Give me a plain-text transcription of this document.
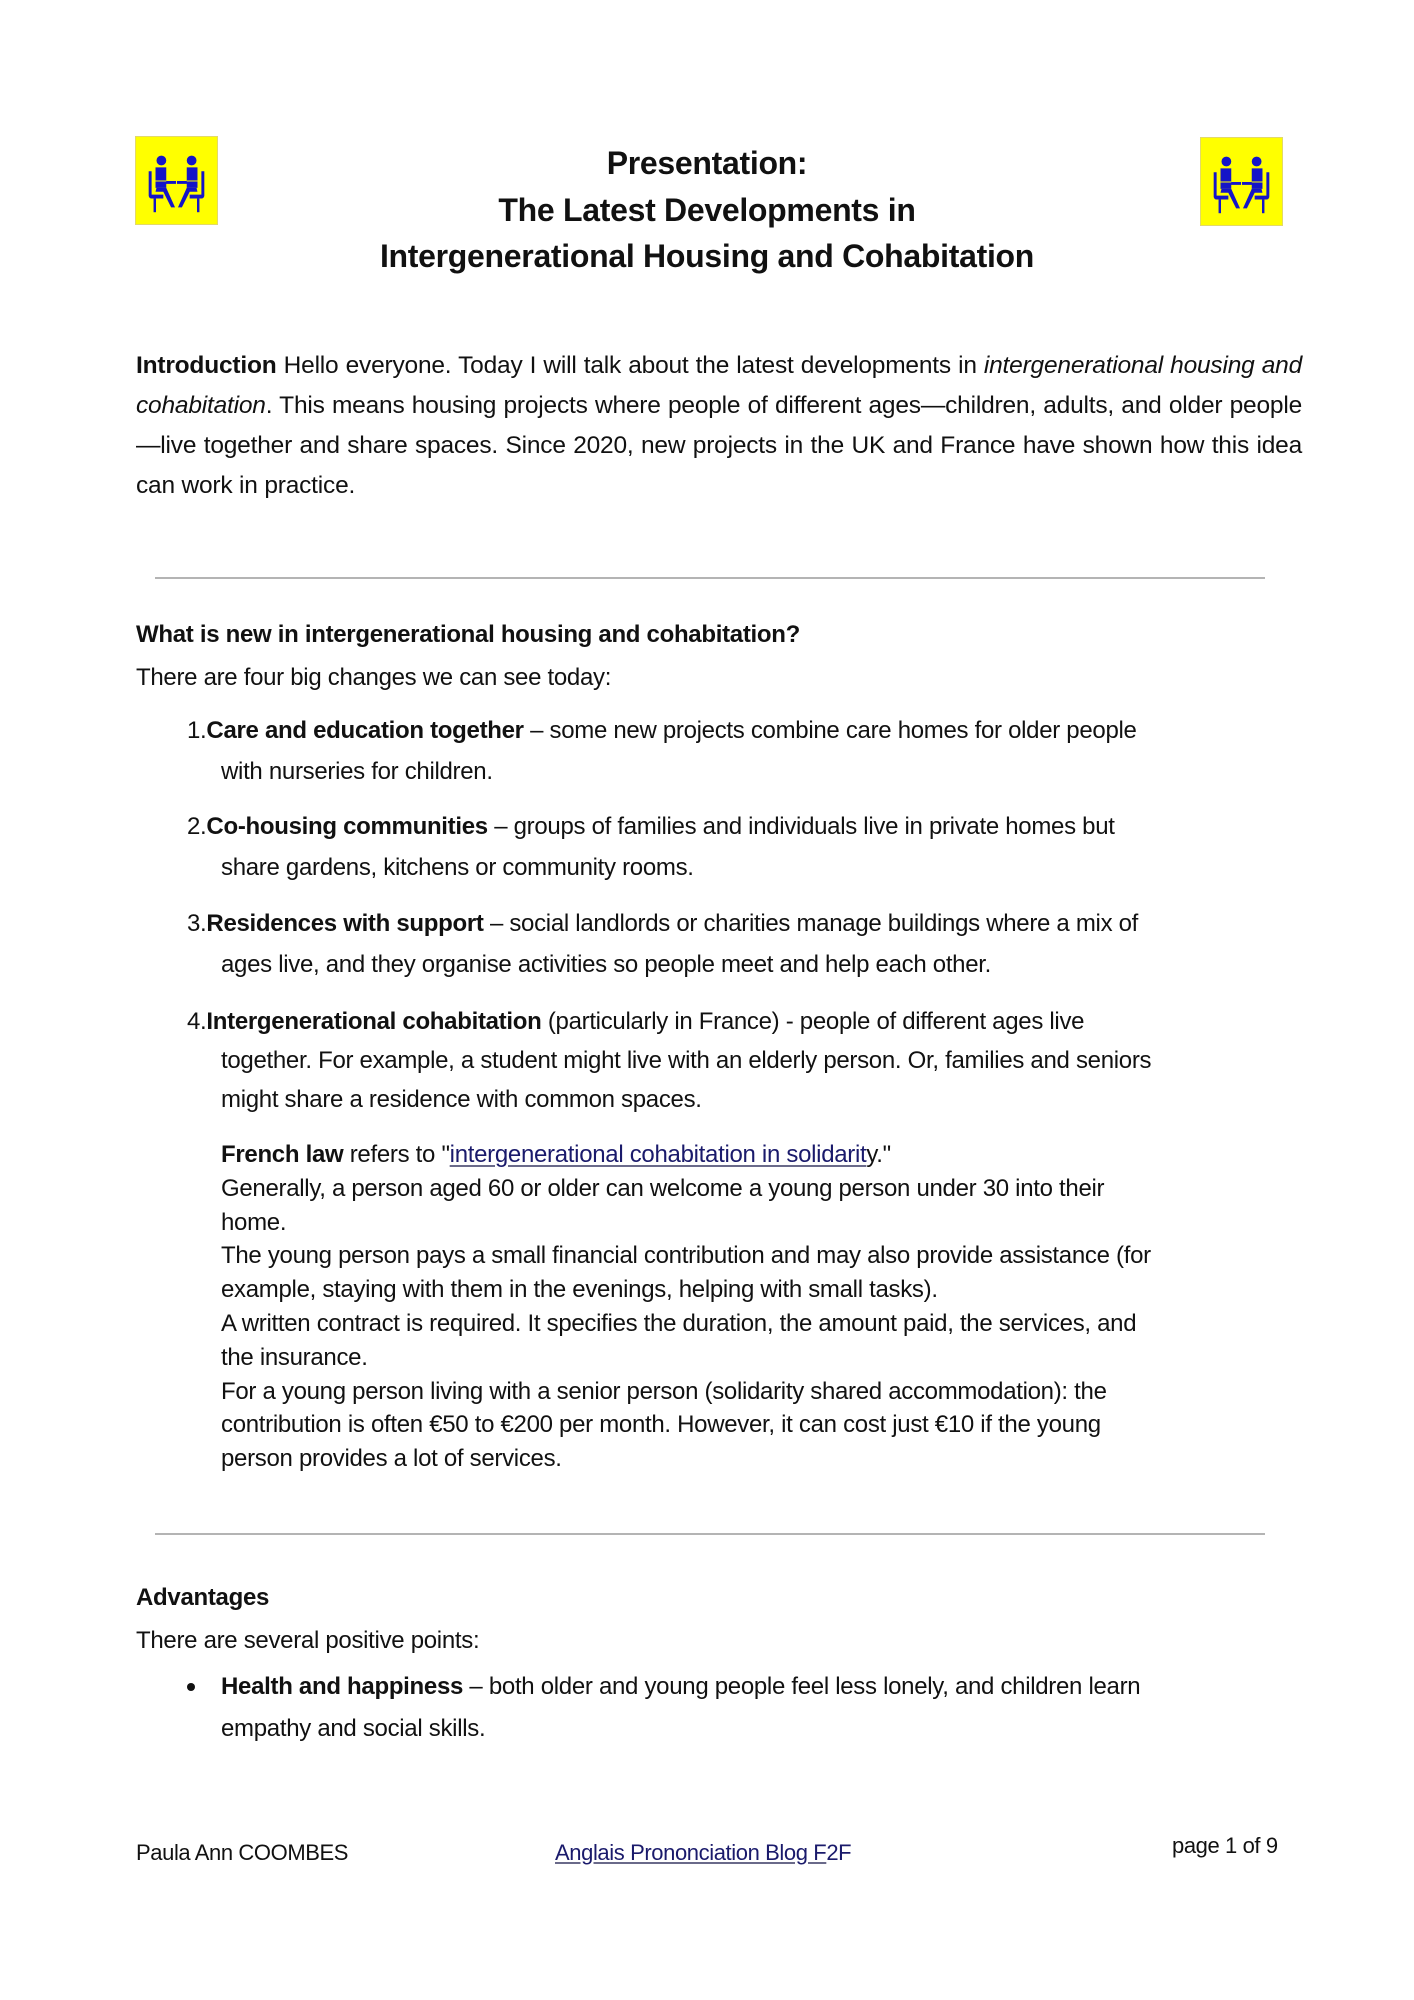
Presentation:
The Latest Developments in
Intergenerational Housing and Cohabitation
Introduction Hello everyone. Today I will talk about the latest developments in intergenerational housing and cohabitation. This means housing projects where people of different ages—children, adults, and older people—live together and share spaces. Since 2020, new projects in the UK and France have shown how this idea can work in practice.
What is new in intergenerational housing and cohabitation?
There are four big changes we can see today:
1.Care and education together – some new projects combine care homes for older people
with nurseries for children.
2.Co-housing communities – groups of families and individuals live in private homes but
share gardens, kitchens or community rooms.
3.Residences with support – social landlords or charities manage buildings where a mix of
ages live, and they organise activities so people meet and help each other.
4.Intergenerational cohabitation (particularly in France) - people of different ages live
together. For example, a student might live with an elderly person. Or, families and seniors
might share a residence with common spaces.
French law refers to "intergenerational cohabitation in solidarity."
Generally, a person aged 60 or older can welcome a young person under 30 into their
home.
The young person pays a small financial contribution and may also provide assistance (for
example, staying with them in the evenings, helping with small tasks).
A written contract is required. It specifies the duration, the amount paid, the services, and
the insurance.
For a young person living with a senior person (solidarity shared accommodation): the
contribution is often €50 to €200 per month. However, it can cost just €10 if the young
person provides a lot of services.
Advantages
There are several positive points:
Health and happiness – both older and young people feel less lonely, and children learn
empathy and social skills.
Paula Ann COOMBES	Anglais Prononciation Blog F2F	page 1 of 9
